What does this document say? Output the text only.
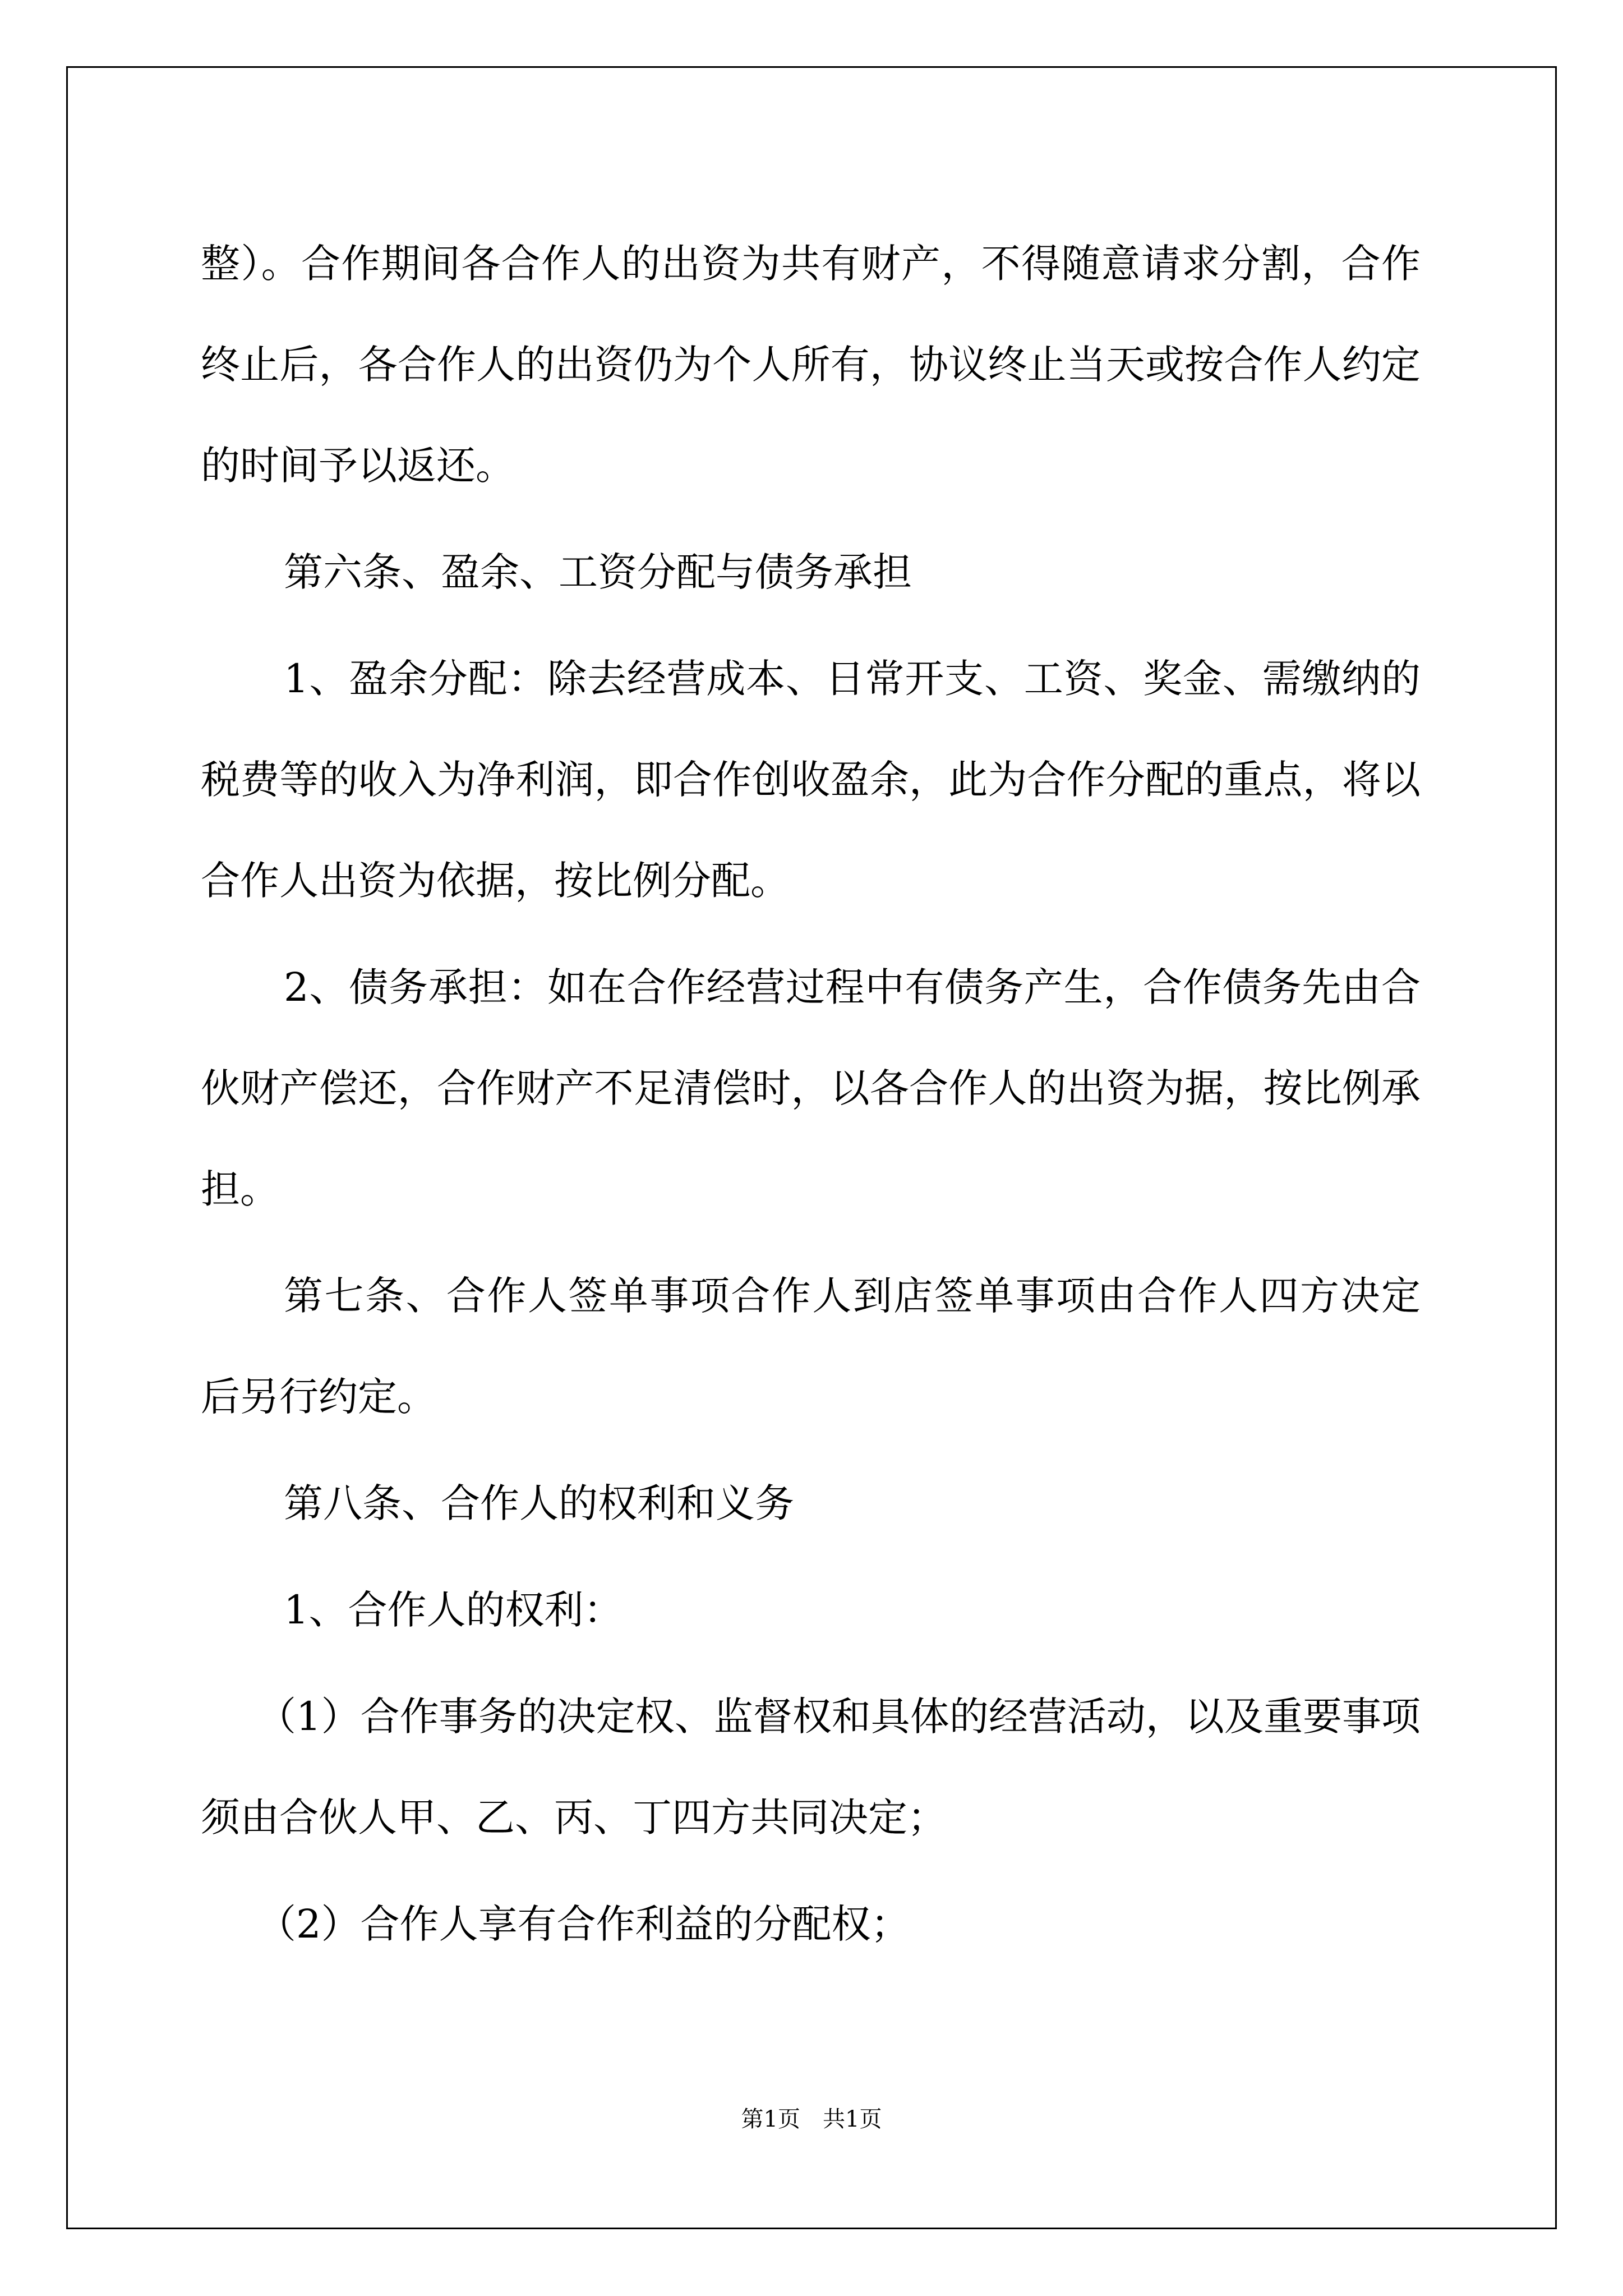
整）。合作期间各合作人的出资为共有财产，不得随意请求分割，合作终止后，各合作人的出资仍为个人所有，协议终止当天或按合作人约定的时间予以返还。

第六条、盈余、工资分配与债务承担

1、盈余分配：除去经营成本、日常开支、工资、奖金、需缴纳的税费等的收入为净利润，即合作创收盈余，此为合作分配的重点，将以合作人出资为依据，按比例分配。

2、债务承担：如在合作经营过程中有债务产生，合作债务先由合伙财产偿还，合作财产不足清偿时，以各合作人的出资为据，按比例承担。

第七条、合作人签单事项合作人到店签单事项由合作人四方决定后另行约定。

第八条、合作人的权利和义务

1、合作人的权利：

（1）合作事务的决定权、监督权和具体的经营活动，以及重要事项须由合伙人甲、乙、丙、丁四方共同决定；

（2）合作人享有合作利益的分配权；

第1页 共1页
